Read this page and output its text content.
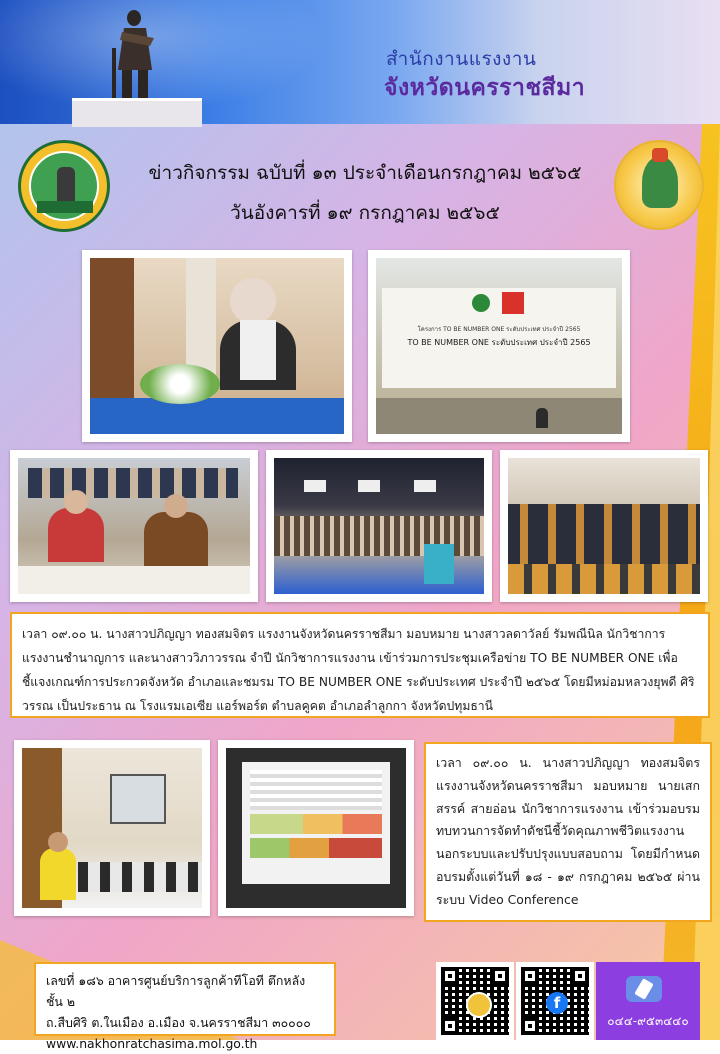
สำนักงานแรงงาน
จังหวัดนครราชสีมา
ข่าวกิจกรรม ฉบับที่ ๑๓ ประจำเดือนกรกฎาคม ๒๕๖๕
วันอังคารที่ ๑๙ กรกฎาคม ๒๕๖๕
โครงการ TO BE NUMBER ONE ระดับประเทศ ประจำปี 2565
TO BE NUMBER ONE ระดับประเทศ ประจำปี 2565
เวลา ๐๙.๐๐ น. นางสาวปภิญญา ทองสมจิตร แรงงานจังหวัดนครราชสีมา มอบหมาย นางสาวลดาวัลย์ รัมพณีนิล นักวิชาการแรงงานชำนาญการ และนางสาววิภาวรรณ จำปี นักวิชาการแรงงาน เข้าร่วมการประชุมเครือข่าย TO BE NUMBER ONE เพื่อชี้แจงเกณฑ์การประกวดจังหวัด อำเภอและชมรม TO BE NUMBER ONE ระดับประเทศ ประจำปี ๒๕๖๕ โดยมีหม่อมหลวงยุพดี ศิริวรรณ เป็นประธาน ณ โรงแรมเอเซีย แอร์พอร์ต ตำบลคูคต อำเภอลำลูกกา จังหวัดปทุมธานี
เวลา ๐๙.๐๐ น. นางสาวปภิญญา ทองสมจิตร แรงงานจังหวัดนครราชสีมา มอบหมาย นายเสกสรรค์ สายอ่อน นักวิชาการแรงงาน เข้าร่วมอบรมทบทวนการจัดทำดัชนีชี้วัดคุณภาพชีวิตแรงงานนอกระบบและปรับปรุงแบบสอบถาม โดยมีกำหนดอบรมตั้งแต่วันที่ ๑๘ - ๑๙ กรกฎาคม ๒๕๖๕ ผ่านระบบ Video Conference
เลขที่ ๑๘๖ อาคารศูนย์บริการลูกค้าทีโอที ตึกหลัง ชั้น ๒
ถ.สืบศิริ ต.ในเมือง อ.เมือง จ.นครราชสีมา ๓๐๐๐๐
www.nakhonratchasima.mol.go.th
f
๐๔๔-๙๕๓๔๔๐
